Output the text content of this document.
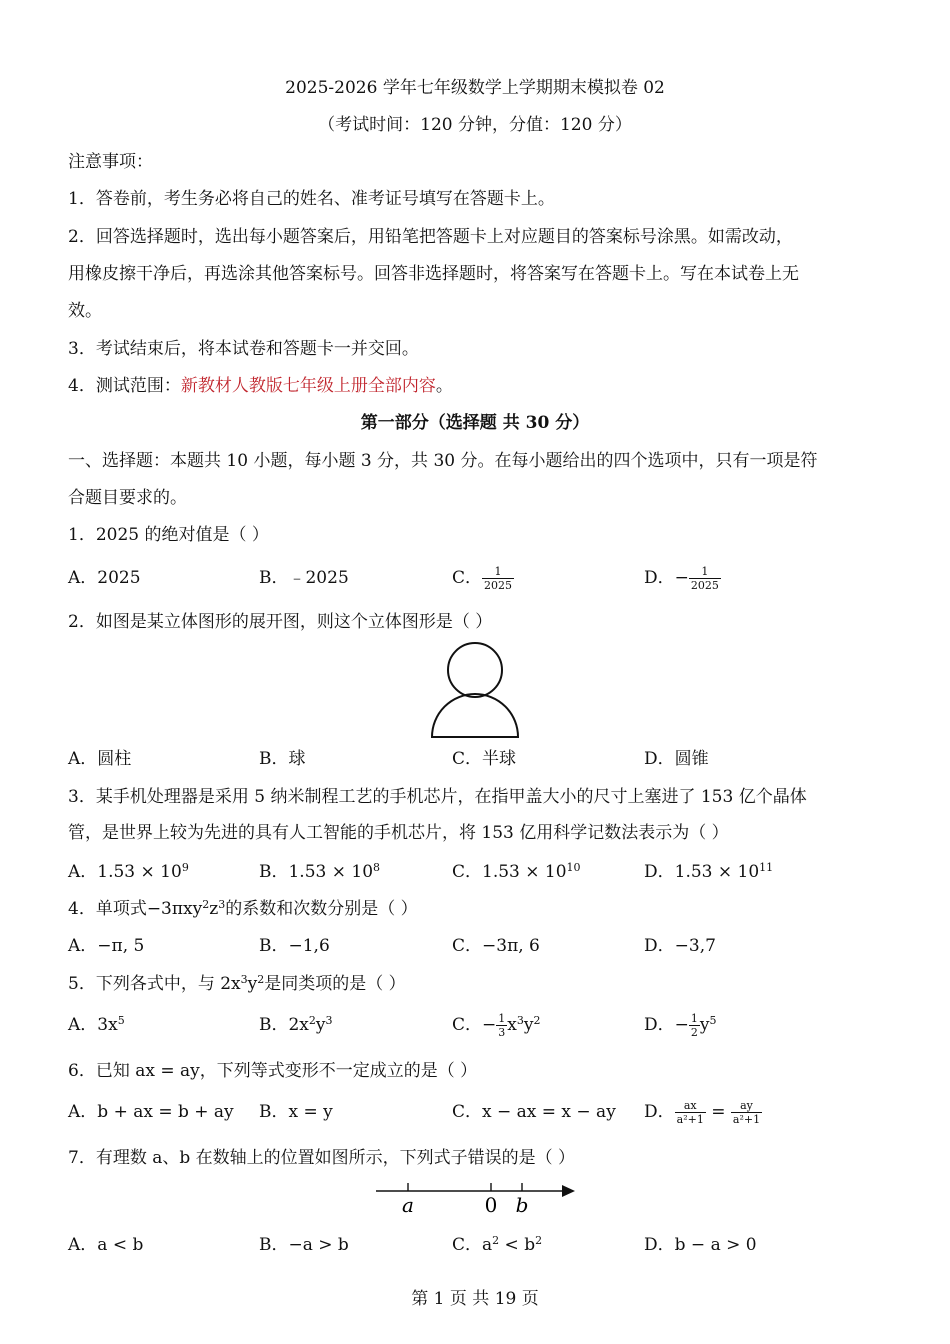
2025-2026 学年七年级数学上学期期末模拟卷 02
（考试时间：120 分钟，分值：120 分）
注意事项：
1．答卷前，考生务必将自己的姓名、准考证号填写在答题卡上。
2．回答选择题时，选出每小题答案后，用铅笔把答题卡上对应题目的答案标号涂黑。如需改动，
用橡皮擦干净后，再选涂其他答案标号。回答非选择题时，将答案写在答题卡上。写在本试卷上无
效。
3．考试结束后，将本试卷和答题卡一并交回。
4．测试范围：新教材人教版七年级上册全部内容。
第一部分（选择题 共 30 分）
一、选择题：本题共 10 小题，每小题 3 分，共 30 分。在每小题给出的四个选项中，只有一项是符
合题目要求的。
1．2025 的绝对值是（ ）
A．2025	B．﹣2025	C． $\frac{1}{2025}$	D．− $\frac{1}{2025}$
2．如图是某立体图形的展开图，则这个立体图形是（ ）
A．圆柱	B．球	C．半球	D．圆锥
3．某手机处理器是采用 5 纳米制程工艺的手机芯片，在指甲盖大小的尺寸上塞进了 153 亿个晶体
管，是世界上较为先进的具有人工智能的手机芯片，将 153 亿用科学记数法表示为（ ）
A．$1.53 \times 10^9$	B．$1.53 \times 10^8$	C．$1.53 \times 10^{10}$	D．$1.53 \times 10^{11}$
4．单项式$-3\pi xy^2z^3$的系数和次数分别是（ ）
A．−π, 5	B．−1,6	C．−3π, 6	D．−3,7
5．下列各式中，与 $2x^3y^2$是同类项的是（ ）
A．$3x^5$	B．$2x^2y^3$	C．− $\frac{1}{3} x^3y^2$	D．− $\frac{1}{2} y^5$
6．已知 ax = ay，下列等式变形不一定成立的是（ ）
A．b + ax = b + ay B．x = y	C．x − ax = x − ay D． $\frac{ax}{\text{a²+1}} = \frac{ay}{\text{a²+1}}$
7．有理数 a、b 在数轴上的位置如图所示，下列式子错误的是（ ）
a	0 b
A．a < b	B．−a > b	C．$a^2 < b^2$	D．b − a > 0
第 1 页 共 19 页
